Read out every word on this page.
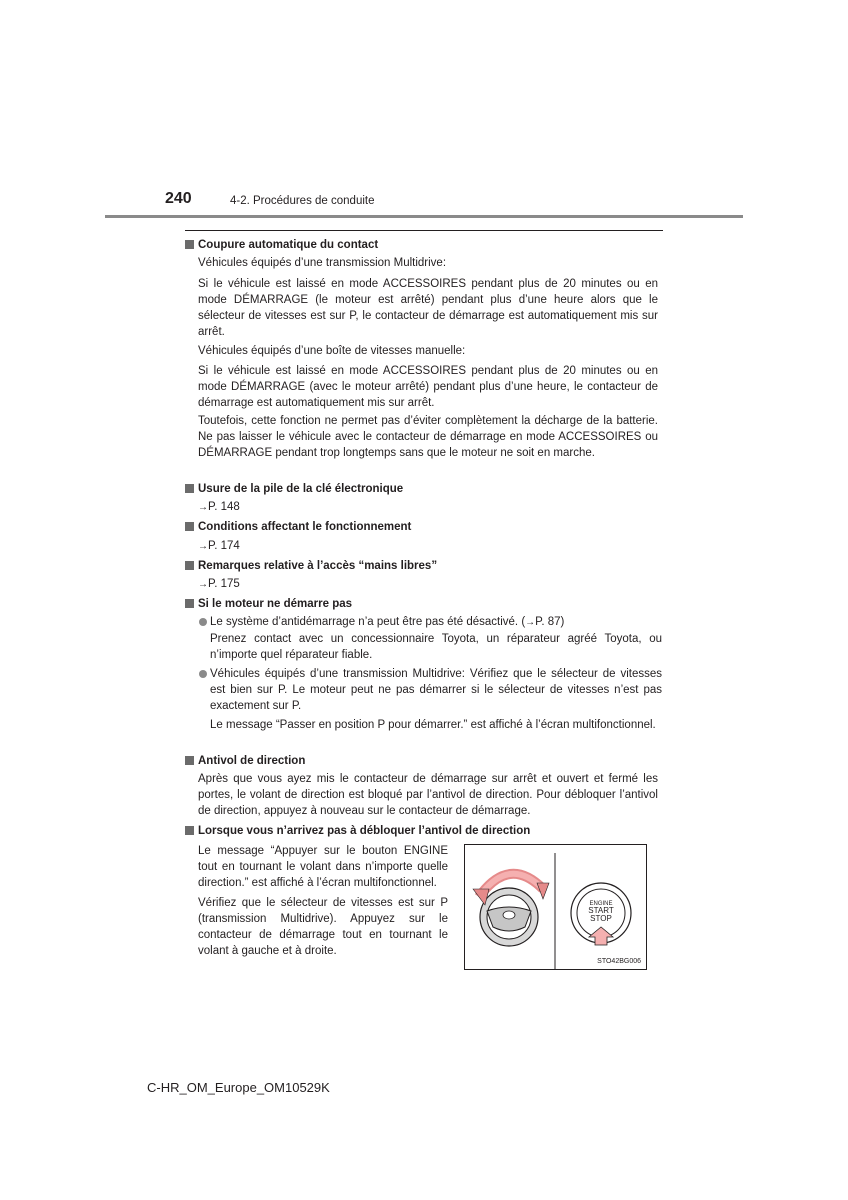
240	4-2. Procédures de conduite
Coupure automatique du contact
Véhicules équipés d’une transmission Multidrive:
Si le véhicule est laissé en mode ACCESSOIRES pendant plus de 20 minutes ou en mode DÉMARRAGE (le moteur est arrêté) pendant plus d’une heure alors que le sélecteur de vitesses est sur P, le contacteur de démarrage est automatiquement mis sur arrêt.
Véhicules équipés d’une boîte de vitesses manuelle:
Si le véhicule est laissé en mode ACCESSOIRES pendant plus de 20 minutes ou en mode DÉMARRAGE (avec le moteur arrêté) pendant plus d’une heure, le contacteur de démarrage est automatiquement mis sur arrêt.
Toutefois, cette fonction ne permet pas d’éviter complètement la décharge de la batterie. Ne pas laisser le véhicule avec le contacteur de démarrage en mode ACCESSOIRES ou DÉMARRAGE pendant trop longtemps sans que le moteur ne soit en marche.
Usure de la pile de la clé électronique
→P. 148
Conditions affectant le fonctionnement
→P. 174
Remarques relative à l’accès “mains libres”
→P. 175
Si le moteur ne démarre pas
Le système d’antidémarrage n’a peut être pas été désactivé. (→P. 87)
Prenez contact avec un concessionnaire Toyota, un réparateur agréé Toyota, ou n’importe quel réparateur fiable.
Véhicules équipés d’une transmission Multidrive: Vérifiez que le sélecteur de vitesses est bien sur P. Le moteur peut ne pas démarrer si le sélecteur de vitesses n’est pas exactement sur P.
Le message “Passer en position P pour démarrer.” est affiché à l’écran multifonctionnel.
Antivol de direction
Après que vous ayez mis le contacteur de démarrage sur arrêt et ouvert et fermé les portes, le volant de direction est bloqué par l’antivol de direction. Pour débloquer l’antivol de direction, appuyez à nouveau sur le contacteur de démarrage.
Lorsque vous n’arrivez pas à débloquer l’antivol de direction
Le message “Appuyer sur le bouton ENGINE tout en tournant le volant dans n’importe quelle direction.” est affiché à l’écran multifonctionnel.
Vérifiez que le sélecteur de vitesses est sur P (transmission Multidrive). Appuyez sur le contacteur de démarrage tout en tournant le volant à gauche et à droite.
ENGINE
START
STOP
STO42BG006
C-HR_OM_Europe_OM10529K
